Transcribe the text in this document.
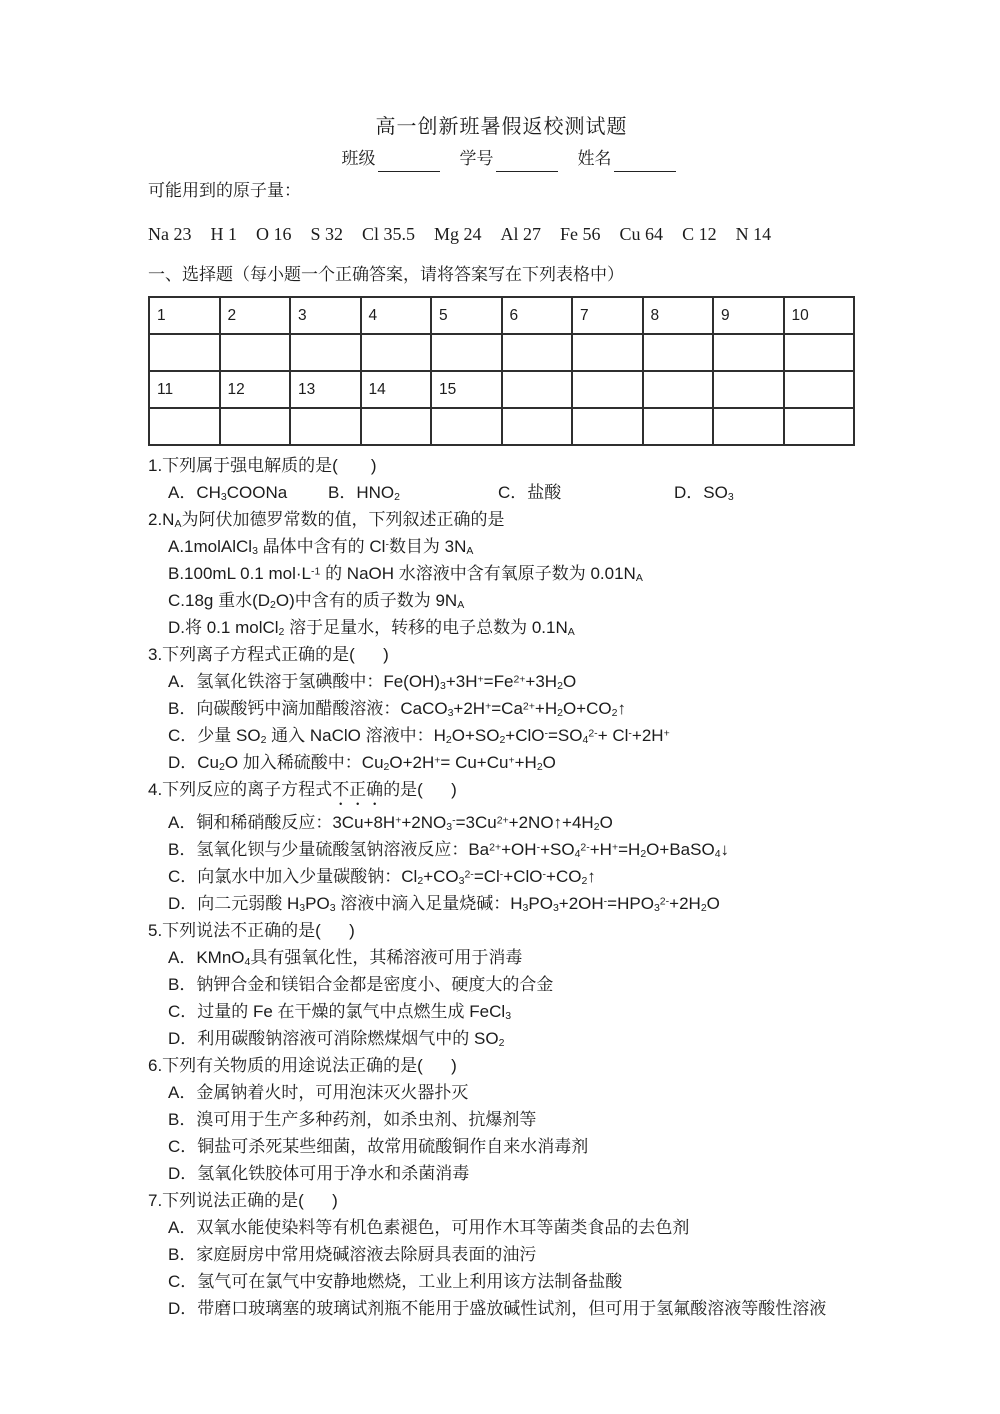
高一创新班暑假返校测试题
班级	学号	姓名
可能用到的原子量：
Na 23 H 1 O 16 S 32 Cl 35.5 Mg 24 Al 27 Fe 56 Cu 64 C 12 N 14
一、选择题（每小题一个正确答案，请将答案写在下列表格中）
1	2	3	4	5	6	7	8	9	10

11	12	13	14	15					

1.下列属于强电解质的是(       )
A．$CH_3COONa$	B．$HNO_2$	C．盐酸	D．$SO_3$
$2.N_A$为阿伏加德罗常数的值，下列叙述正确的是
A.1molAlCl$_3$ 晶体中含有的 Cl-数目为 $3N_A$
B.100mL 0.1 $mol\cdot L^{-1}$ 的 NaOH 水溶液中含有氧原子数为 $0.01N_A$
C.18g 重水$(D_2O)$中含有的质子数为 $9N_A$
D.将 0.1 molCl$_2$ 溶于足量水，转移的电子总数为 $0.1N_A$
3.下列离子方程式正确的是(      )
A．氢氧化铁溶于氢碘酸中：$Fe(OH)_3+3H^+=Fe^{2+}+3H_2O$
B．向碳酸钙中滴加醋酸溶液：$CaCO_3+2H^+=Ca^{2+}+H_2O+CO_2↑$
C．少量 $SO_2$ 通入 NaClO 溶液中：$H_2O+SO_2+ClO^-=SO_4^{2-}+ Cl^-+2H^+$
D．$Cu_2O$ 加入稀硫酸中：$Cu_2O+2H^+= Cu+Cu^++H_2O$
4.下列反应的离子方程式不正确的是(      )
A．铜和稀硝酸反应：$3Cu+8H^++2NO_3^-=3Cu^{2+}+2NO↑+4H_2O$
B．氢氧化钡与少量硫酸氢钠溶液反应：$Ba^{2+}+OH^-+SO_4^{2-}+H^+=H_2O+BaSO_4↓$
C．向氯水中加入少量碳酸钠：$Cl_2+CO_3^{2-}=Cl^-+ClO^-+CO_2↑$
D．向二元弱酸 $H_3PO_3$ 溶液中滴入足量烧碱：$H_3PO_3+2OH^-=HPO_3^{2-}+2H_2O$
5.下列说法不正确的是(      )
A．KMnO$_4$具有强氧化性，其稀溶液可用于消毒
B．钠钾合金和镁铝合金都是密度小、硬度大的合金
C．过量的 Fe 在干燥的氯气中点燃生成 FeCl$_3$
D．利用碳酸钠溶液可消除燃煤烟气中的 $SO_2$
6.下列有关物质的用途说法正确的是(      )
A．金属钠着火时，可用泡沫灭火器扑灭
B．溴可用于生产多种药剂，如杀虫剂、抗爆剂等
C．铜盐可杀死某些细菌，故常用硫酸铜作自来水消毒剂
D．氢氧化铁胶体可用于净水和杀菌消毒
7.下列说法正确的是(      )
A．双氧水能使染料等有机色素褪色，可用作木耳等菌类食品的去色剂
B．家庭厨房中常用烧碱溶液去除厨具表面的油污
C．氢气可在氯气中安静地燃烧，工业上利用该方法制备盐酸
D．带磨口玻璃塞的玻璃试剂瓶不能用于盛放碱性试剂，但可用于氢氟酸溶液等酸性溶液
